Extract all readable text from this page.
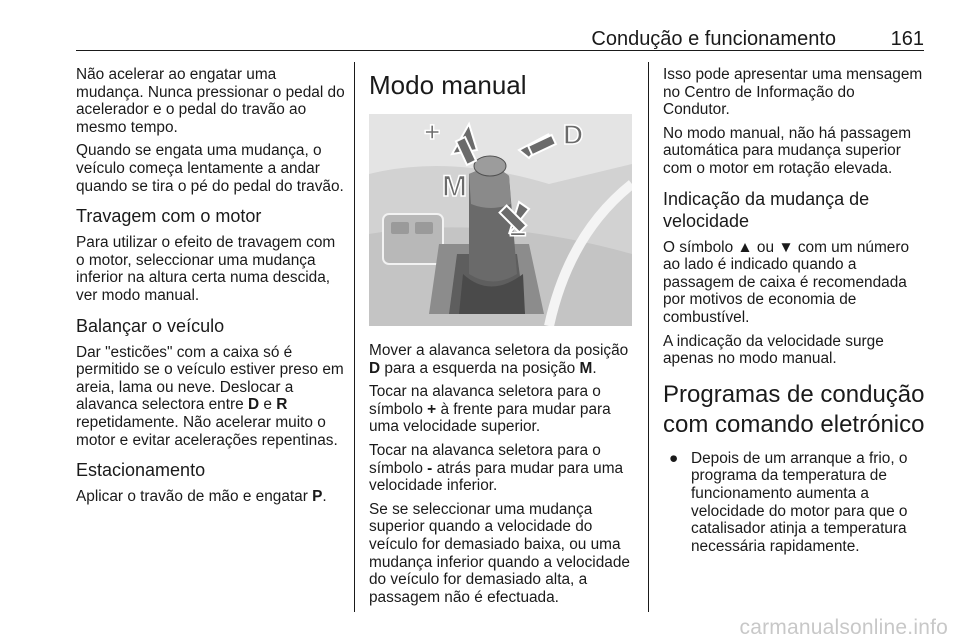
Condução e funcionamento	161

Não acelerar ao engatar uma mudança. Nunca pressionar o pedal do acelerador e o pedal do travão ao mesmo tempo.

Quando se engata uma mudança, o veículo começa lentamente a andar quando se tira o pé do pedal do travão.

Travagem com o motor

Para utilizar o efeito de travagem com o motor, seleccionar uma mudança inferior na altura certa numa descida, ver modo manual.

Balançar o veículo

Dar "esticões" com a caixa só é permitido se o veículo estiver preso em areia, lama ou neve. Deslocar a alavanca selectora entre D e R repetidamente. Não acelerar muito o motor e evitar acelerações repentinas.

Estacionamento

Aplicar o travão de mão e engatar P.

Modo manual
+	D
M
−

Mover a alavanca seletora da posição D para a esquerda na posição M.

Tocar na alavanca seletora para o símbolo + à frente para mudar para uma velocidade superior.

Tocar na alavanca seletora para o símbolo - atrás para mudar para uma velocidade inferior.

Se se seleccionar uma mudança superior quando a velocidade do veículo for demasiado baixa, ou uma mudança inferior quando a velocidade do veículo for demasiado alta, a passagem não é efectuada.

Isso pode apresentar uma mensagem no Centro de Informação do Condutor.

No modo manual, não há passagem automática para mudança superior com o motor em rotação elevada.

Indicação da mudança de velocidade

O símbolo ▲ ou ▼ com um número ao lado é indicado quando a passagem de caixa é recomendada por motivos de economia de combustível.

A indicação da velocidade surge apenas no modo manual.

Programas de condução com comando eletrónico
● Depois de um arranque a frio, o programa da temperatura de funcionamento aumenta a velocidade do motor para que o catalisador atinja a temperatura necessária rapidamente.
carmanualsonline.info
